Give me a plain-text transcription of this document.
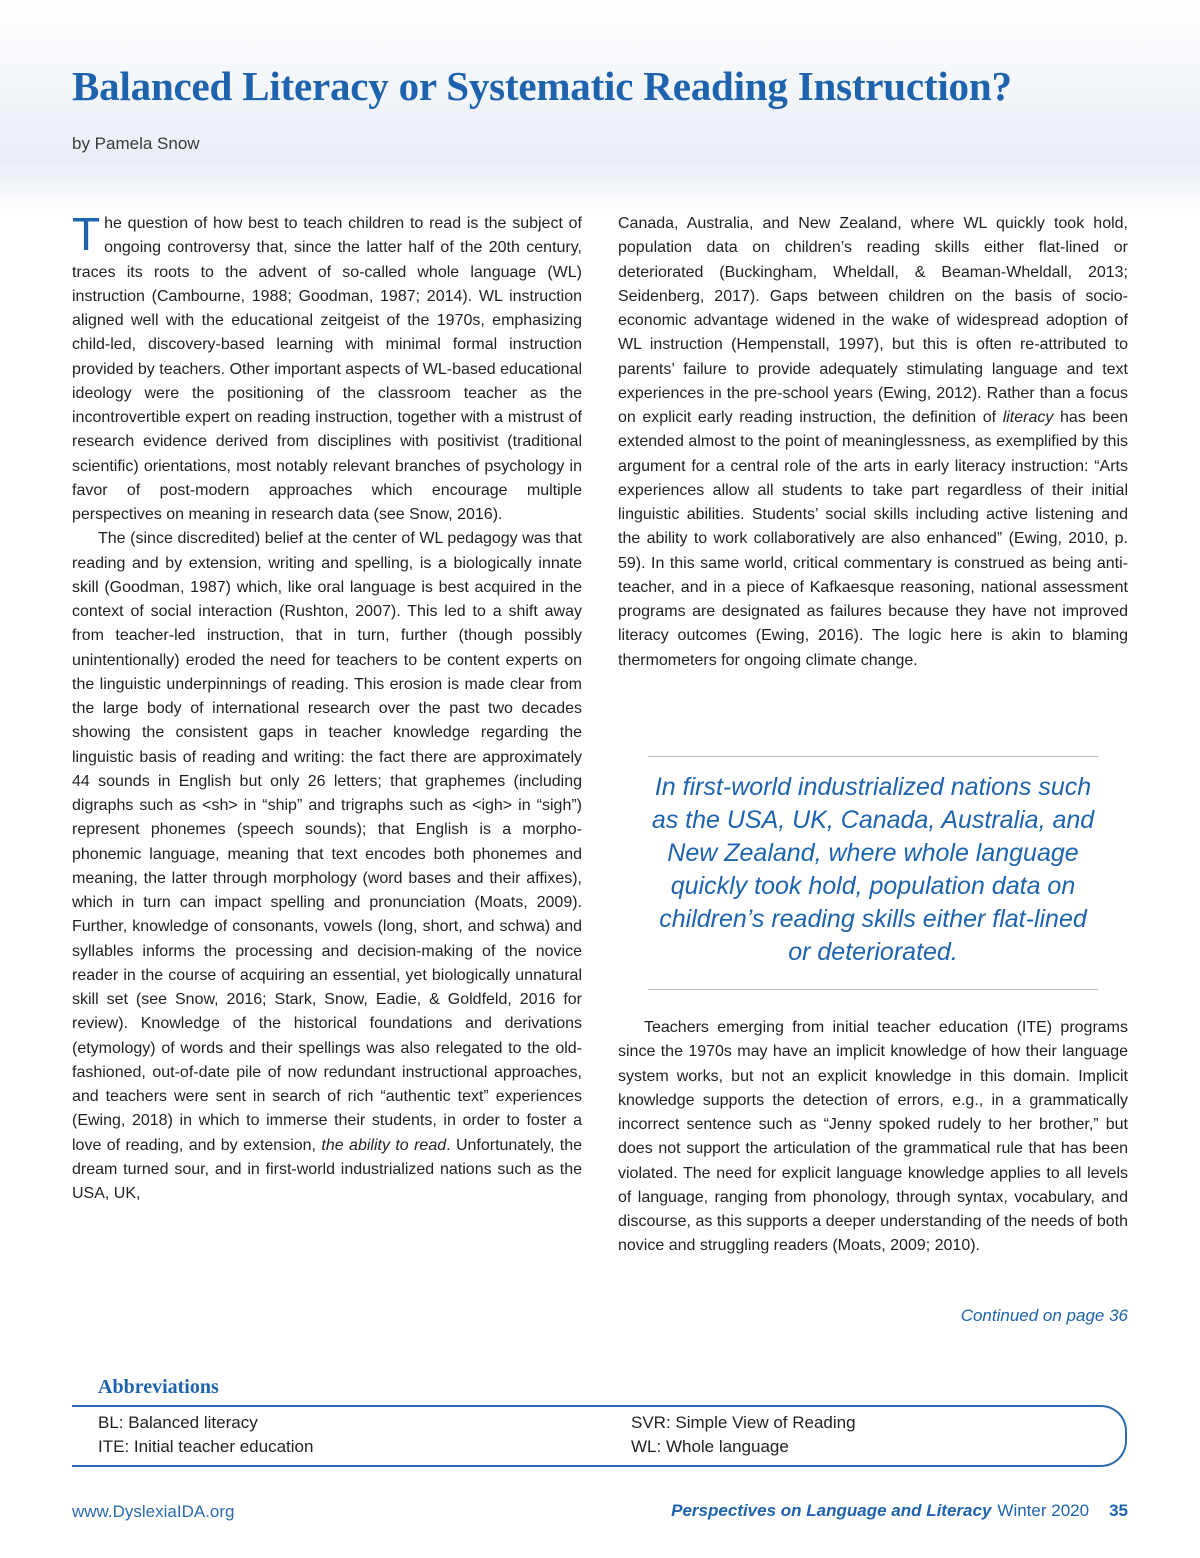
Balanced Literacy or Systematic Reading Instruction?
by Pamela Snow

The question of how best to teach children to read is the subject of ongoing controversy that, since the latter half of the 20th century, traces its roots to the advent of so-called whole language (WL) instruction (Cambourne, 1988; Goodman, 1987; 2014). WL instruction aligned well with the educational zeitgeist of the 1970s, emphasizing child-led, discovery-based learning with minimal formal instruction provided by teachers. Other important aspects of WL-based educational ideology were the positioning of the classroom teacher as the incontrovertible expert on reading instruction, together with a mistrust of research evidence derived from disciplines with positivist (traditional scientific) orientations, most notably relevant branches of psychology in favor of post-modern approaches which encourage multiple perspectives on meaning in research data (see Snow, 2016).

The (since discredited) belief at the center of WL pedagogy was that reading and by extension, writing and spelling, is a biologically innate skill (Goodman, 1987) which, like oral language is best acquired in the context of social interaction (Rushton, 2007). This led to a shift away from teacher-led instruction, that in turn, further (though possibly unintentionally) eroded the need for teachers to be content experts on the linguistic underpinnings of reading. This erosion is made clear from the large body of international research over the past two decades showing the consistent gaps in teacher knowledge regarding the linguistic basis of reading and writing: the fact there are approximately 44 sounds in English but only 26 letters; that graphemes (including digraphs such as <sh> in “ship” and trigraphs such as <igh> in “sigh”) represent phonemes (speech sounds); that English is a morpho-phonemic language, meaning that text encodes both phonemes and meaning, the latter through morphology (word bases and their affixes), which in turn can impact spelling and pronunciation (Moats, 2009). Further, knowledge of consonants, vowels (long, short, and schwa) and syllables informs the processing and decision-making of the novice reader in the course of acquiring an essential, yet biologically unnatural skill set (see Snow, 2016; Stark, Snow, Eadie, & Goldfeld, 2016 for review). Knowledge of the historical foundations and derivations (etymology) of words and their spellings was also relegated to the old-fashioned, out-of-date pile of now redundant instructional approaches, and teachers were sent in search of rich “authentic text” experiences (Ewing, 2018) in which to immerse their students, in order to foster a love of reading, and by extension, the ability to read. Unfortunately, the dream turned sour, and in first-world industrialized nations such as the USA, UK,

Canada, Australia, and New Zealand, where WL quickly took hold, population data on children’s reading skills either flat-lined or deteriorated (Buckingham, Wheldall, & Beaman-Wheldall, 2013; Seidenberg, 2017). Gaps between children on the basis of socio-economic advantage widened in the wake of widespread adoption of WL instruction (Hempenstall, 1997), but this is often re-attributed to parents’ failure to provide adequately stimulating language and text experiences in the pre-school years (Ewing, 2012). Rather than a focus on explicit early reading instruction, the definition of literacy has been extended almost to the point of meaninglessness, as exemplified by this argument for a central role of the arts in early literacy instruction: “Arts experiences allow all students to take part regardless of their initial linguistic abilities. Students’ social skills including active listening and the ability to work collaboratively are also enhanced” (Ewing, 2010, p. 59). In this same world, critical commentary is construed as being anti-teacher, and in a piece of Kafkaesque reasoning, national assessment programs are designated as failures because they have not improved literacy outcomes (Ewing, 2016). The logic here is akin to blaming thermometers for ongoing climate change.

In first-world industrialized nations such as the USA, UK, Canada, Australia, and New Zealand, where whole language quickly took hold, population data on children’s reading skills either flat-lined or deteriorated.

Teachers emerging from initial teacher education (ITE) programs since the 1970s may have an implicit knowledge of how their language system works, but not an explicit knowledge in this domain. Implicit knowledge supports the detection of errors, e.g., in a grammatically incorrect sentence such as “Jenny spoked rudely to her brother,” but does not support the articulation of the grammatical rule that has been violated. The need for explicit language knowledge applies to all levels of language, ranging from phonology, through syntax, vocabulary, and discourse, as this supports a deeper understanding of the needs of both novice and struggling readers (Moats, 2009; 2010).

Continued on page 36
Abbreviations
BL: Balanced literacy
ITE: Initial teacher education
SVR: Simple View of Reading
WL: Whole language
www.DyslexiaIDA.org	Perspectives on Language and Literacy Winter 2020 35
